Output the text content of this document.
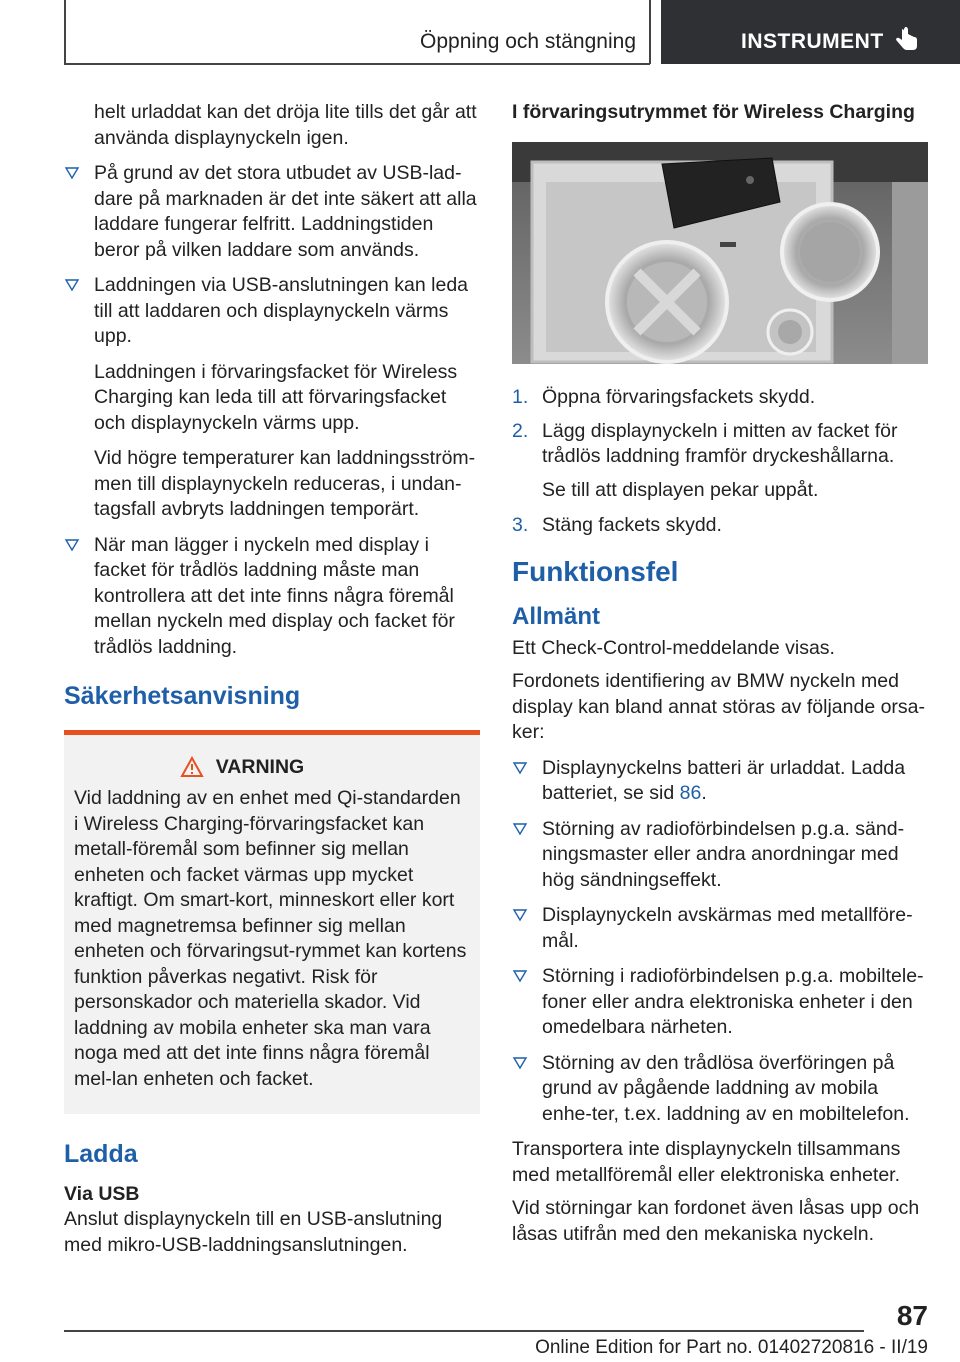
Öppning och stängning	INSTRUMENT

helt urladdat kan det dröja lite tills det går att använda displaynyckeln igen.

På grund av det stora utbudet av USB-lad-dare på marknaden är det inte säkert att alla laddare fungerar felfritt. Laddningstiden beror på vilken laddare som används.
Laddningen via USB-anslutningen kan leda till att laddaren och displaynyckeln värms upp.

Laddningen i förvaringsfacket för Wireless Charging kan leda till att förvaringsfacket och displaynyckeln värms upp.

Vid högre temperaturer kan laddningsström-men till displaynyckeln reduceras, i undan-tagsfall avbryts laddningen temporärt.

När man lägger i nyckeln med display i facket för trådlös laddning måste man kontrollera att det inte finns några föremål mellan nyckeln med display och facket för trådlös laddning.
Säkerhetsanvisning
VARNING
Vid laddning av en enhet med Qi-standarden i Wireless Charging-förvaringsfacket kan metall-föremål som befinner sig mellan enheten och facket värmas upp mycket kraftigt. Om smart-kort, minneskort eller kort med magnetremsa befinner sig mellan enheten och förvaringsut-rymmet kan kortens funktion påverkas negativt. Risk för personskador och materiella skador. Vid laddning av mobila enheter ska man vara noga med att det inte finns några föremål mel-lan enheten och facket.
Ladda
Via USB

Anslut displaynyckeln till en USB-anslutning med mikro-USB-laddningsanslutningen.

I förvaringsutrymmet för Wireless Charging
1. Öppna förvaringsfackets skydd.
2. Lägg displaynyckeln i mitten av facket för trådlös laddning framför dryckeshållarna.

Se till att displayen pekar uppåt.

3. Stäng fackets skydd.
Funktionsfel
Allmänt

Ett Check-Control-meddelande visas.

Fordonets identifiering av BMW nyckeln med display kan bland annat störas av följande orsa-ker:

Displaynyckelns batteri är urladdat. Ladda batteriet, se sid 86.
Störning av radioförbindelsen p.g.a. sänd-ningsmaster eller andra anordningar med hög sändningseffekt.
Displaynyckeln avskärmas med metallföre-mål.
Störning i radioförbindelsen p.g.a. mobiltele-foner eller andra elektroniska enheter i den omedelbara närheten.
Störning av den trådlösa överföringen på grund av pågående laddning av mobila enhe-ter, t.ex. laddning av en mobiltelefon.

Transportera inte displaynyckeln tillsammans med metallföremål eller elektroniska enheter.

Vid störningar kan fordonet även låsas upp och låsas utifrån med den mekaniska nyckeln.

87
Online Edition for Part no. 01402720816 - II/19
